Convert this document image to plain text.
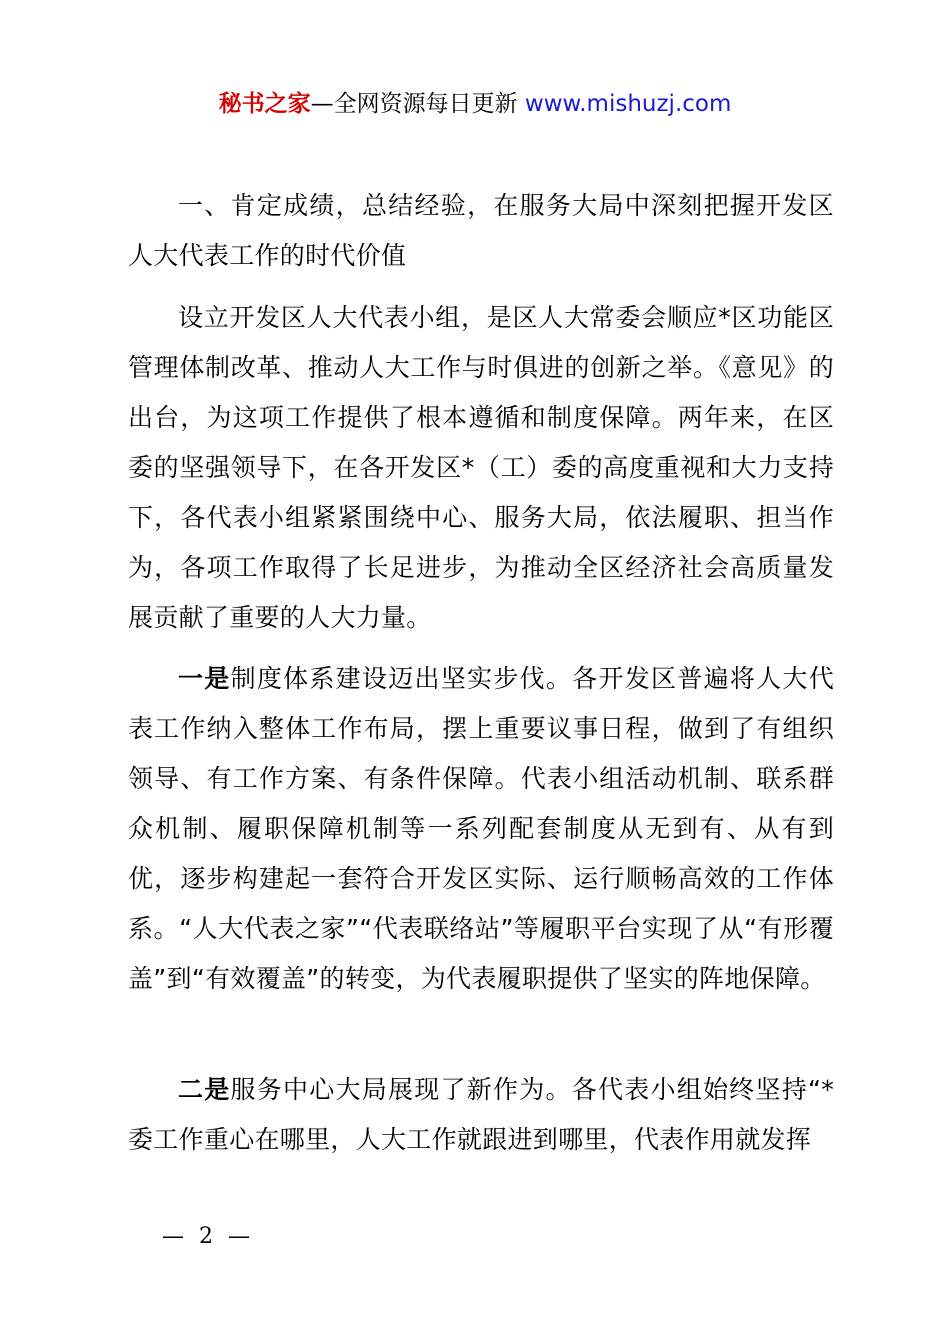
秘书之家—全网资源每日更新 www.mishuzj.com

一、肯定成绩，总结经验，在服务大局中深刻把握开发区人大代表工作的时代价值

设立开发区人大代表小组，是区人大常委会顺应*区功能区管理体制改革、推动人大工作与时俱进的创新之举。《意见》的出台，为这项工作提供了根本遵循和制度保障。两年来，在区委的坚强领导下，在各开发区*（工）委的高度重视和大力支持下，各代表小组紧紧围绕中心、服务大局，依法履职、担当作为，各项工作取得了长足进步，为推动全区经济社会高质量发展贡献了重要的人大力量。

一是制度体系建设迈出坚实步伐。各开发区普遍将人大代表工作纳入整体工作布局，摆上重要议事日程，做到了有组织领导、有工作方案、有条件保障。代表小组活动机制、联系群众机制、履职保障机制等一系列配套制度从无到有、从有到优，逐步构建起一套符合开发区实际、运行顺畅高效的工作体系。“人大代表之家”“代表联络站”等履职平台实现了从“有形覆盖”到“有效覆盖”的转变，为代表履职提供了坚实的阵地保障。

二是服务中心大局展现了新作为。各代表小组始终坚持“*委工作重心在哪里，人大工作就跟进到哪里，代表作用就发挥

— 2 —
